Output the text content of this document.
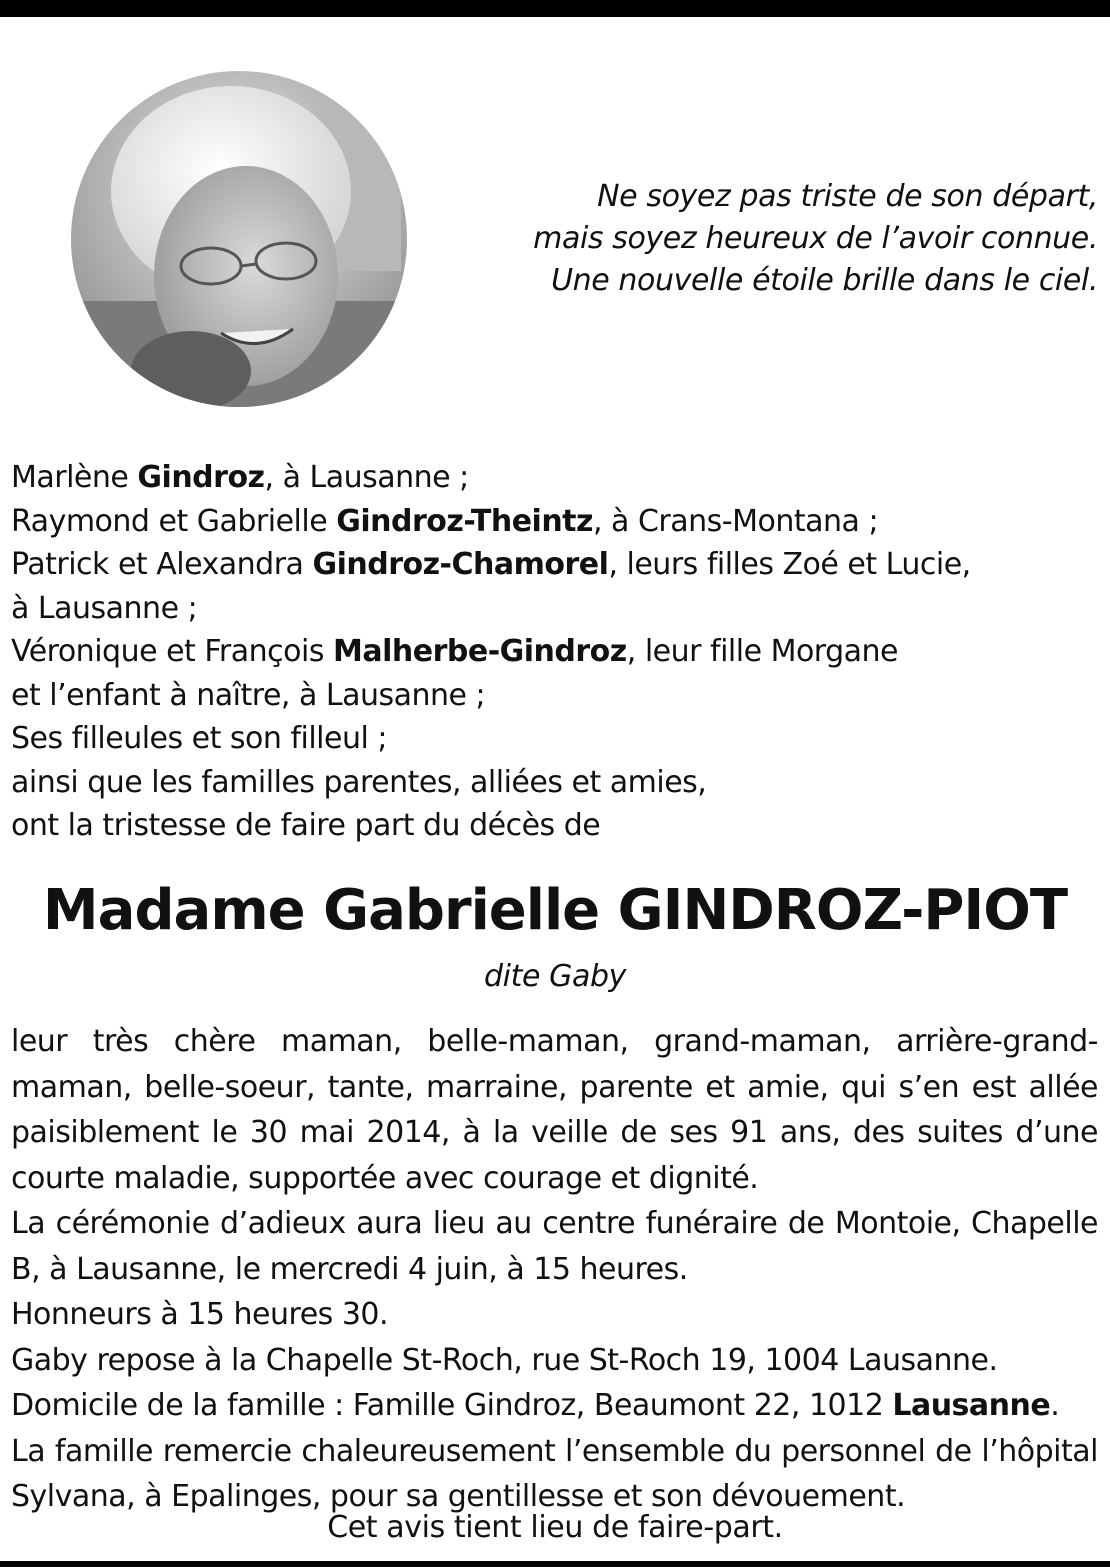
Ne soyez pas triste de son départ,
mais soyez heureux de l’avoir connue.
Une nouvelle étoile brille dans le ciel.
Marlène Gindroz, à Lausanne ;
Raymond et Gabrielle Gindroz-Theintz, à Crans-Montana ;
Patrick et Alexandra Gindroz-Chamorel, leurs filles Zoé et Lucie,
à Lausanne ;
Véronique et François Malherbe-Gindroz, leur fille Morgane
et l’enfant à naître, à Lausanne ;
Ses filleules et son filleul ;
ainsi que les familles parentes, alliées et amies,
ont la tristesse de faire part du décès de
Madame Gabrielle GINDROZ-PIOT
dite Gaby
leur très chère maman, belle-maman, grand-maman, arrière-grand-maman, belle-soeur, tante, marraine, parente et amie, qui s’en est allée paisiblement le 30 mai 2014, à la veille de ses 91 ans, des suites d’une courte maladie, supportée avec courage et dignité.
La cérémonie d’adieux aura lieu au centre funéraire de Montoie, Chapelle B, à Lausanne, le mercredi 4 juin, à 15 heures.
Honneurs à 15 heures 30.
Gaby repose à la Chapelle St-Roch, rue St-Roch 19, 1004 Lausanne.
Domicile de la famille : Famille Gindroz, Beaumont 22, 1012 Lausanne.
La famille remercie chaleureusement l’ensemble du personnel de l’hôpital Sylvana, à Epalinges, pour sa gentillesse et son dévouement.
Cet avis tient lieu de faire-part.
